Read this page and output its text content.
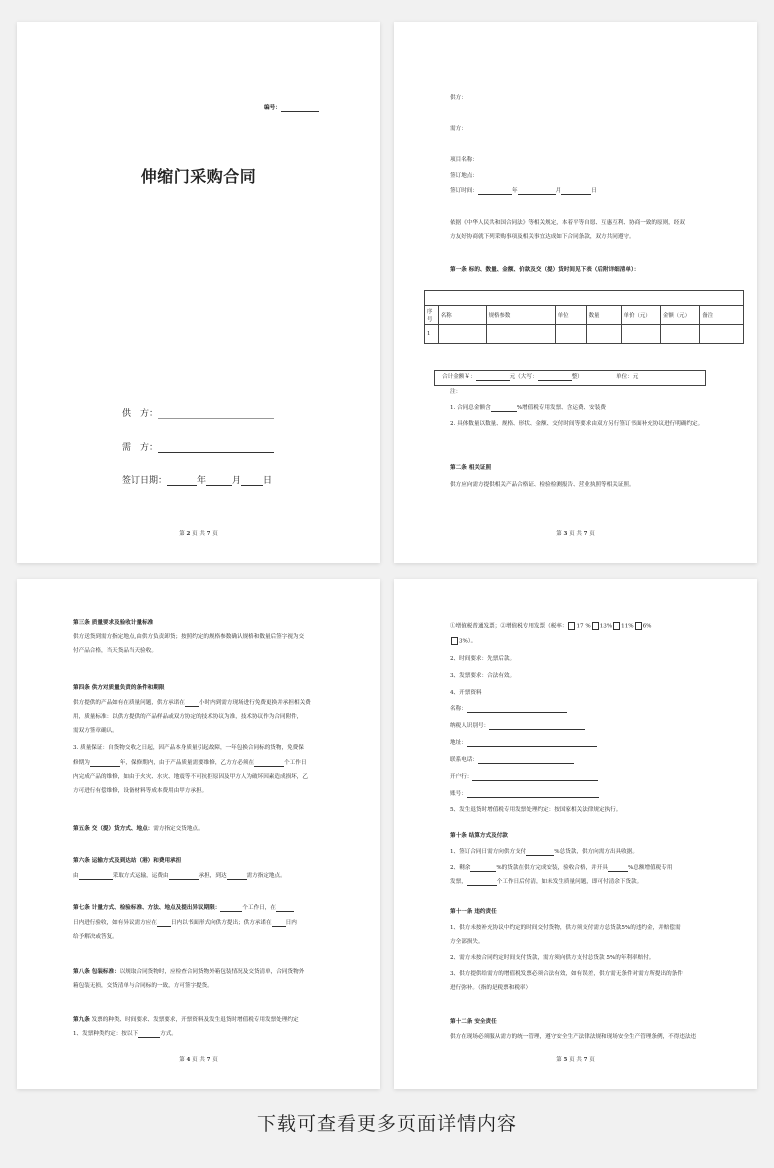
编号：
伸缩门采购合同
供　方：
需　方：
签订日期：	年	月 日
第 2 页 共 7 页
供方：
需方：
项目名称：
签订地点：
签订时间：	年	月	日
依据《中华人民共和国合同法》等相关规定，本着平等自愿、互惠互利、协商一致的原则，经双
方友好协商就下列采购事项及相关事宜达成如下合同条款，双方共同遵守。
第一条 标的、数量、金额、价款及交（提）货时间见下表（后附详细清单）：

序号	名称	规格参数	单位	数量	单价（元）	金额（元）	备注
1							
合计金额￥：	元（大写：	整）	单位：元
注：
1. 合同总金额含	%增值税专用发票、含运费、安装费
2. 具体数量以数量、规格、形状、金额、交付时间等要求由双方另行签订书面补充协议进行明确约定。
第二条 相关证照
供方应向需方提供相关产品合格证、检验检测报告、营业执照等相关证照。
第 3 页 共 7 页
第三条 质量要求及验收计量标准
供方送货到需方指定地点,由供方负责卸货；按照约定的规格参数确认规格和数量后签字视为交
付产品合格，当天货品当天验收。
第四条 供方对质量负责的条件和期限
供方提供的产品如有在质量问题，供方承诺在	小时内到需方现场进行免费更换并承担相关费
用，质量标准：以供方提供的产品样品或双方协定的技术协议为准，技术协议作为合同附件，
需双方签章确认。
3. 质量保证：自货物交收之日起，因产品本身质量引起故障，一年包换合同标的货物，免费保
修期为	年，保修期内，由于产品质量需要维修，乙方方必须在	个工作日
内完成产品的维修，如由于火灾、水灾、地震等不可抗拒原因及甲方人为破坏因素造成损坏，乙
方可进行有偿维修，设备材料等成本费用由甲方承担。
第五条 交（提）货方式、地点：需方指定交货地点。
第六条 运输方式及到达站（港）和费用承担
由	采取方式运输，运费由	承担，到达	需方指定地点。
第七条 计量方式、检验标准、方法、地点及提出异议期限：	个工作日，在
日内进行验收，如有异议需方应在	日内以书面形式向供方提出；供方承诺在	日内
给予解决或答复。
第八条 包装标准：以规取合同货物时，应检查合同货物外箱包装情况及交货清单，合同货物外
箱包装无损，交货清单与合同标的一致，方可签字提货。
第九条 发票的种类、时间要求、发票要求，开票资料及发生退货时增值税专用发票处理约定
1、发票种类约定：按以下	方式。
第 4 页 共 7 页
①增值税普通发票；②增值税专用发票（税率： 17 % 13% 11% 6%
3%）。
2、时间要求：先票后款。
3、发票要求：合法有效。
4、开票资料
名称：
纳税人识别号：
地址：
联系电话：
开户行：
账号：
5、发生退货时增值税专用发票处理约定：按国家相关法律规定执行。
第十条 结算方式及付款
1、签订合同日需方向供方支付	%总货款，供方向需方出具收据。
2、剩余	%的货款在供方完成安装，验收合格，并开具	%总额增值税专用
发票，	个工作日后付清，如未发生质量问题，即可付清余下货款。
第十一条 违约责任
1、供方未按补充协议中约定的时间交付货物，供方须支付需方总货款5%的违约金，并赔偿需
方全部损失。
2、需方未按合同约定时间支付货款，需方须向供方支付总货款 5%的年利率赔付。
3、供方提供给需方的增值税发票必须合法有效，如有误差，供方需无条件对需方所提出的条件
进行弥补。（指的是税票和税率）
第十二条 安全责任
供方在现场必须服从需方的统一管理，遵守安全生产法律法规和现场安全生产管理条例，不得违法违
第 5 页 共 7 页
下载可查看更多页面详情内容
